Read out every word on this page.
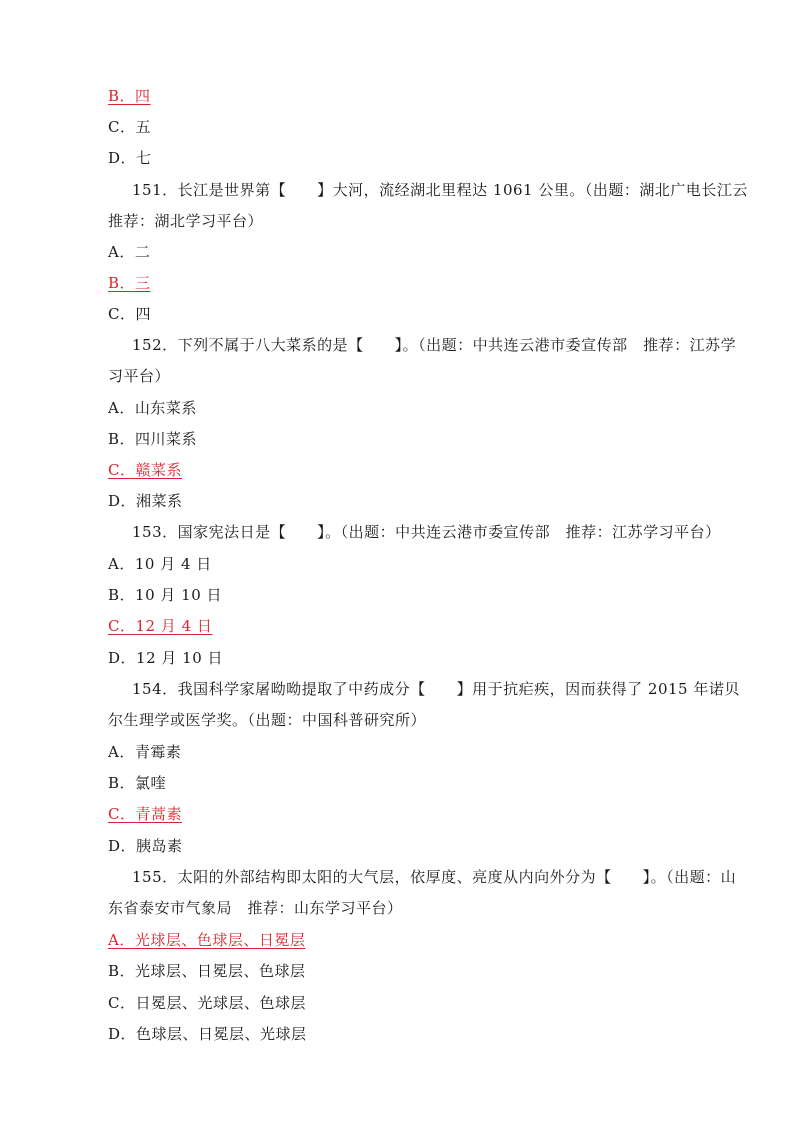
B．四
C．五
D．七
151．长江是世界第【　　】大河，流经湖北里程达 1061 公里。（出题：湖北广电长江云
推荐：湖北学习平台）
A．二
B．三
C．四
152．下列不属于八大菜系的是【　　】。（出题：中共连云港市委宣传部　推荐：江苏学
习平台）
A．山东菜系
B．四川菜系
C．赣菜系
D．湘菜系
153．国家宪法日是【　　】。（出题：中共连云港市委宣传部　推荐：江苏学习平台）
A．10 月 4 日
B．10 月 10 日
C．12 月 4 日
D．12 月 10 日
154．我国科学家屠呦呦提取了中药成分【　　】用于抗疟疾，因而获得了 2015 年诺贝
尔生理学或医学奖。（出题：中国科普研究所）
A．青霉素
B．氯喹
C．青蒿素
D．胰岛素
155．太阳的外部结构即太阳的大气层，依厚度、亮度从内向外分为【　　】。（出题：山
东省泰安市气象局　推荐：山东学习平台）
A．光球层、色球层、日冕层
B．光球层、日冕层、色球层
C．日冕层、光球层、色球层
D．色球层、日冕层、光球层
